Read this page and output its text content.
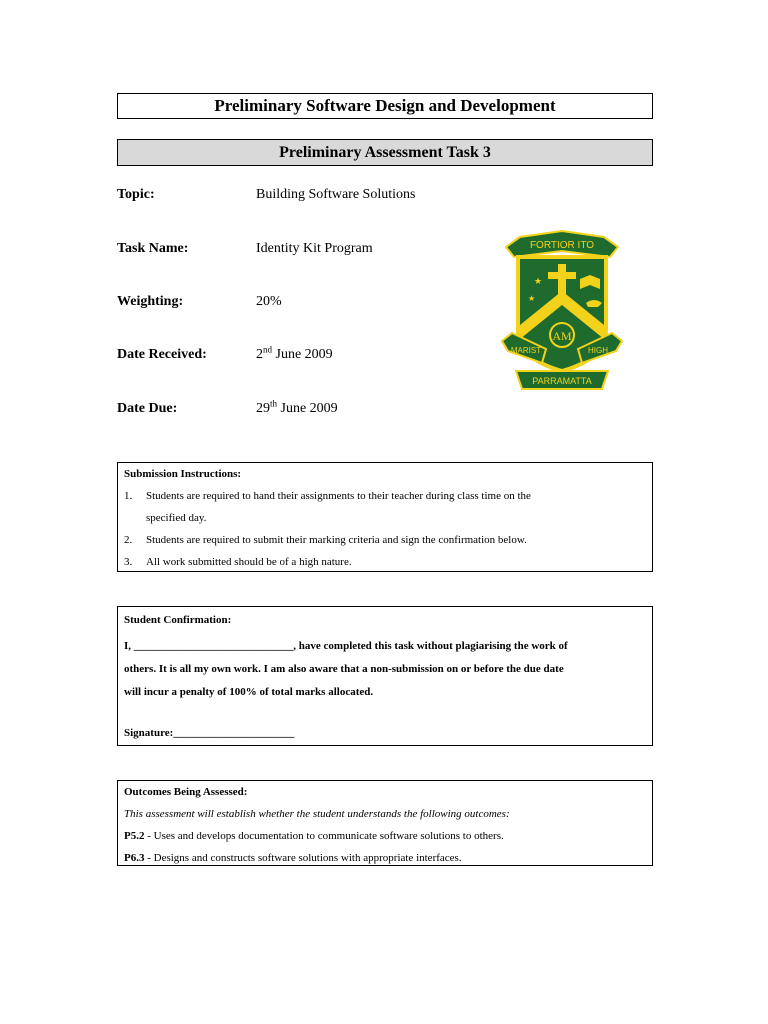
Preliminary Software Design and Development
Preliminary Assessment Task 3
Topic:	Building Software Solutions
Task Name:	Identity Kit Program
Weighting:	20%
Date Received:	2nd June 2009
Date Due:	29th June 2009
FORTIOR ITO
★
★
★
AM
MARIST	HIGH
PARRAMATTA
Submission Instructions:
1.	Students are required to hand their assignments to their teacher during class time on the
specified day.
2.	Students are required to submit their marking criteria and sign the confirmation below.
3.	All work submitted should be of a high nature.
Student Confirmation:
I, _____________________________, have completed this task without plagiarising the work of
others. It is all my own work. I am also aware that a non-submission on or before the due date
will incur a penalty of 100% of total marks allocated.
Signature:______________________
Outcomes Being Assessed:
This assessment will establish whether the student understands the following outcomes:
P5.2 - Uses and develops documentation to communicate software solutions to others.
P6.3 - Designs and constructs software solutions with appropriate interfaces.
